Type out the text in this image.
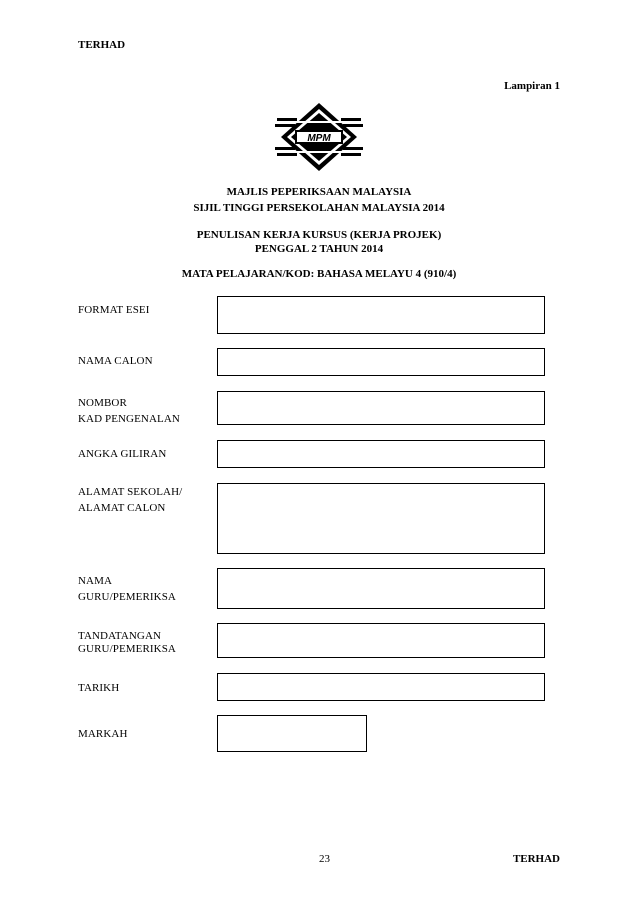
TERHAD
Lampiran 1
MPM
MAJLIS PEPERIKSAAN MALAYSIA
SIJIL TINGGI PERSEKOLAHAN MALAYSIA 2014
PENULISAN KERJA KURSUS (KERJA PROJEK)
PENGGAL 2 TAHUN 2014
MATA PELAJARAN/KOD: BAHASA MELAYU 4 (910/4)
FORMAT ESEI
NAMA CALON
NOMBOR
KAD PENGENALAN
ANGKA GILIRAN
ALAMAT SEKOLAH/
ALAMAT CALON
NAMA
GURU/PEMERIKSA
TANDATANGAN
GURU/PEMERIKSA
TARIKH
MARKAH
23	TERHAD
